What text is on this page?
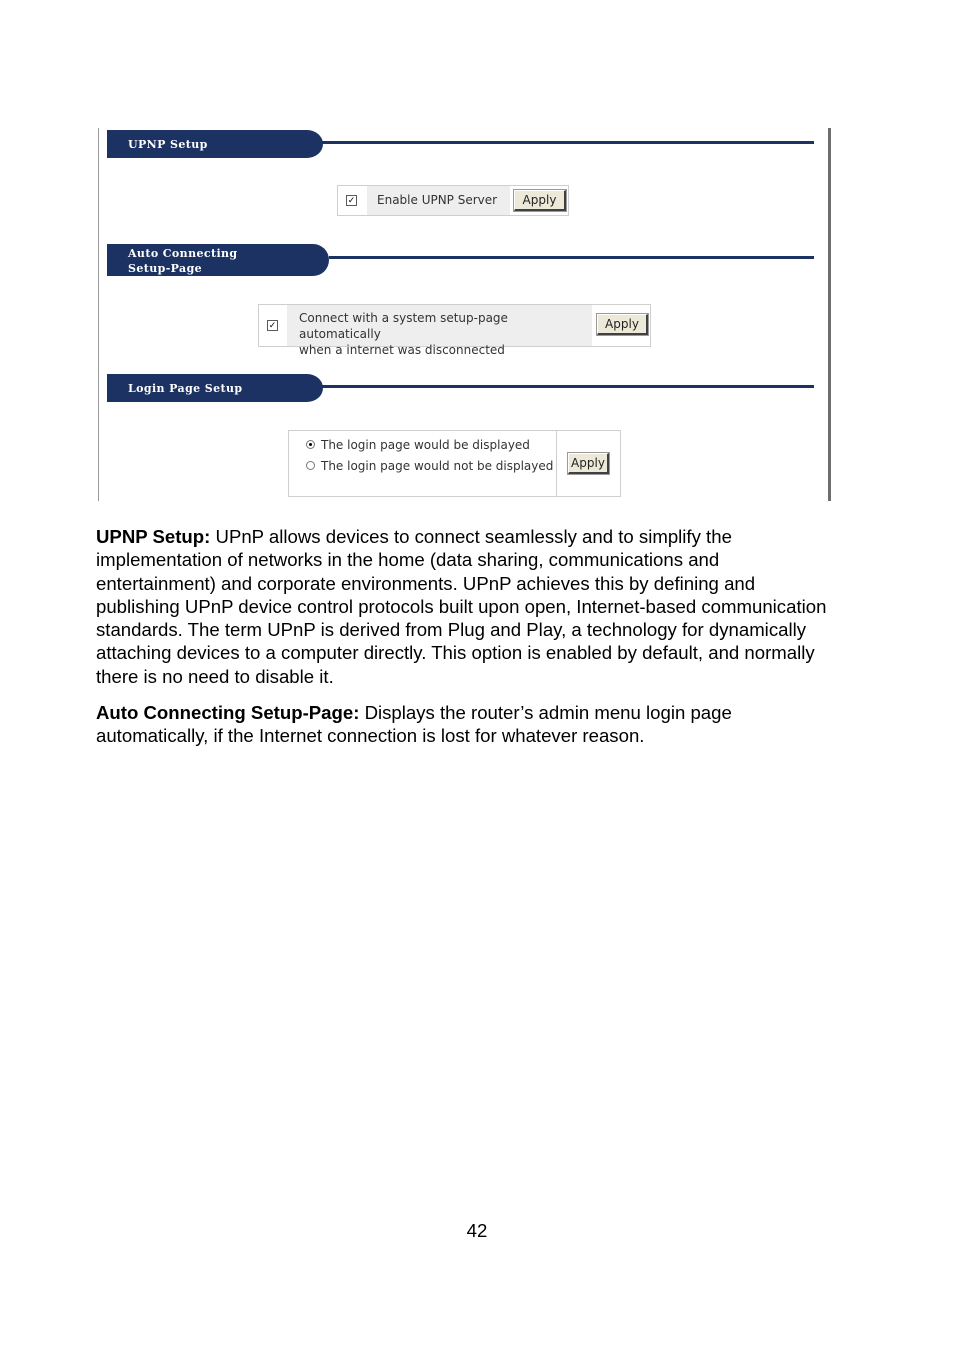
UPNP Setup
✓	Enable UPNP Server	Apply
Auto Connecting
Setup-Page
✓ Connect with a system setup-page automatically
when a internet was disconnected
Apply
Login Page Setup
The login page would be displayed
The login page would not be displayed Apply

UPNP Setup: UPnP allows devices to connect seamlessly and to simplify the implementation of networks in the home (data sharing, communications and entertainment) and corporate environments. UPnP achieves this by defining and publishing UPnP device control protocols built upon open, Internet-based communication standards. The term UPnP is derived from Plug and Play, a technology for dynamically attaching devices to a computer directly. This option is enabled by default, and normally there is no need to disable it.

Auto Connecting Setup-Page: Displays the router’s admin menu login page automatically, if the Internet connection is lost for whatever reason.

42
